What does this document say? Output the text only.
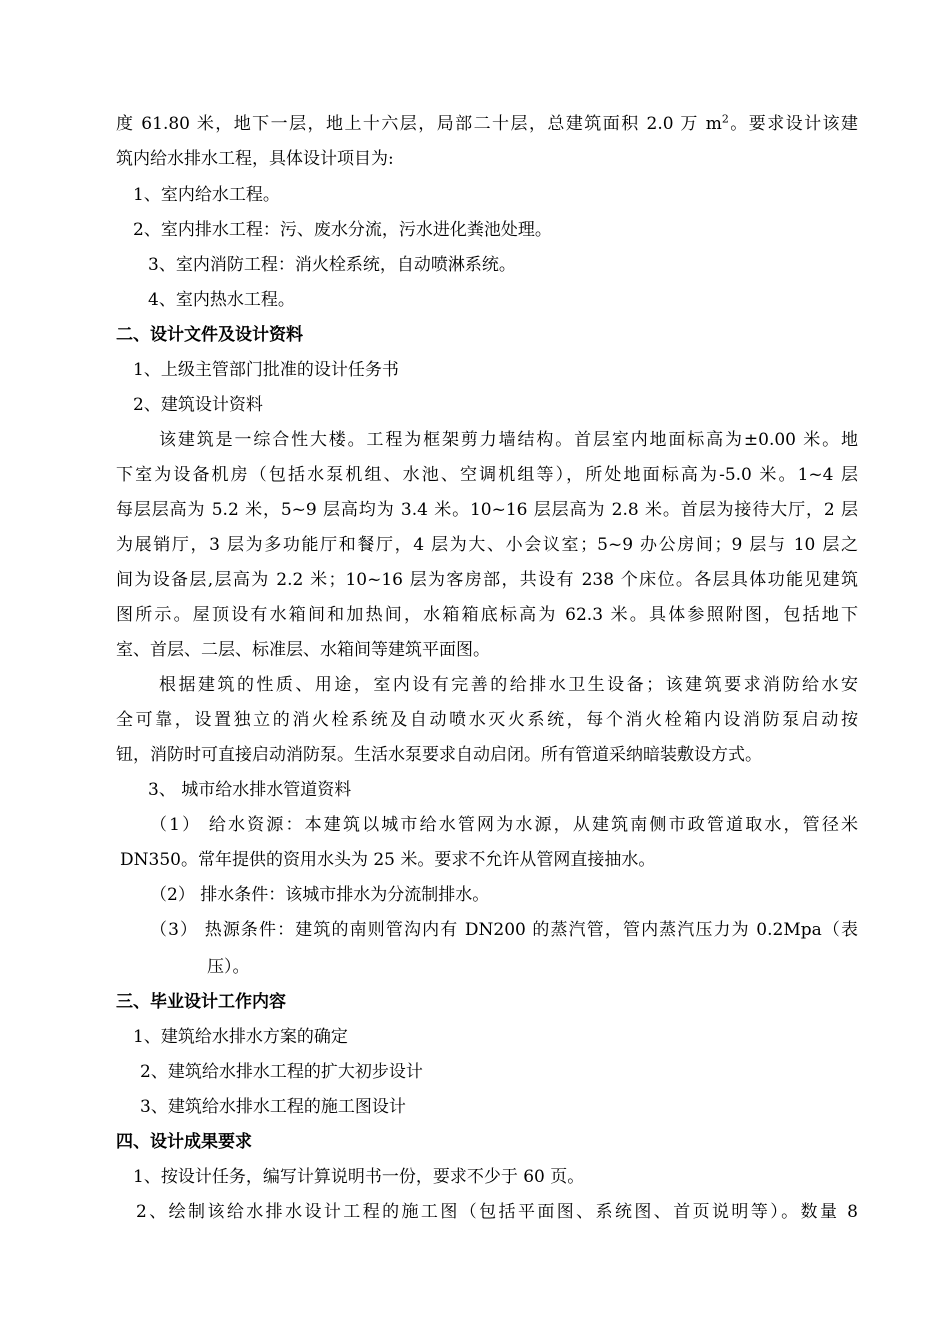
度 61.80 米，地下一层，地上十六层，局部二十层，总建筑面积 2.0 万 $m^2$。要求设计该建
筑内给水排水工程，具体设计项目为:
1、室内给水工程。
2、室内排水工程：污、废水分流，污水进化粪池处理。
3、室内消防工程：消火栓系统，自动喷淋系统。
4、室内热水工程。
二、设计文件及设计资料
1、上级主管部门批准的设计任务书
2、建筑设计资料
该建筑是一综合性大楼。工程为框架剪力墙结构。首层室内地面标高为±0.00 米。地
下室为设备机房（包括水泵机组、水池、空调机组等），所处地面标高为-5.0 米。1~4 层
每层层高为 5.2 米，5~9 层高均为 3.4 米。10~16 层层高为 2.8 米。首层为接待大厅，2 层
为展销厅，3 层为多功能厅和餐厅，4 层为大、小会议室；5~9 办公房间；9 层与 10 层之
间为设备层,层高为 2.2 米；10~16 层为客房部，共设有 238 个床位。各层具体功能见建筑
图所示。屋顶设有水箱间和加热间，水箱箱底标高为 62.3 米。具体参照附图，包括地下
室、首层、二层、标准层、水箱间等建筑平面图。
根据建筑的性质、用途，室内设有完善的给排水卫生设备；该建筑要求消防给水安
全可靠，设置独立的消火栓系统及自动喷水灭火系统，每个消火栓箱内设消防泵启动按
钮，消防时可直接启动消防泵。生活水泵要求自动启闭。所有管道采纳暗装敷设方式。
3、 城市给水排水管道资料
（1） 给水资源：本建筑以城市给水管网为水源，从建筑南侧市政管道取水，管径米
DN350。常年提供的资用水头为 25 米。要求不允许从管网直接抽水。
（2） 排水条件：该城市排水为分流制排水。
（3） 热源条件：建筑的南则管沟内有 DN200 的蒸汽管，管内蒸汽压力为 0.2Mpa（表
压）。
三、毕业设计工作内容
1、建筑给水排水方案的确定
2、建筑给水排水工程的扩大初步设计
3、建筑给水排水工程的施工图设计
四、设计成果要求
1、按设计任务，编写计算说明书一份，要求不少于 60 页。
2、绘制该给水排水设计工程的施工图（包括平面图、系统图、首页说明等）。数量 8
